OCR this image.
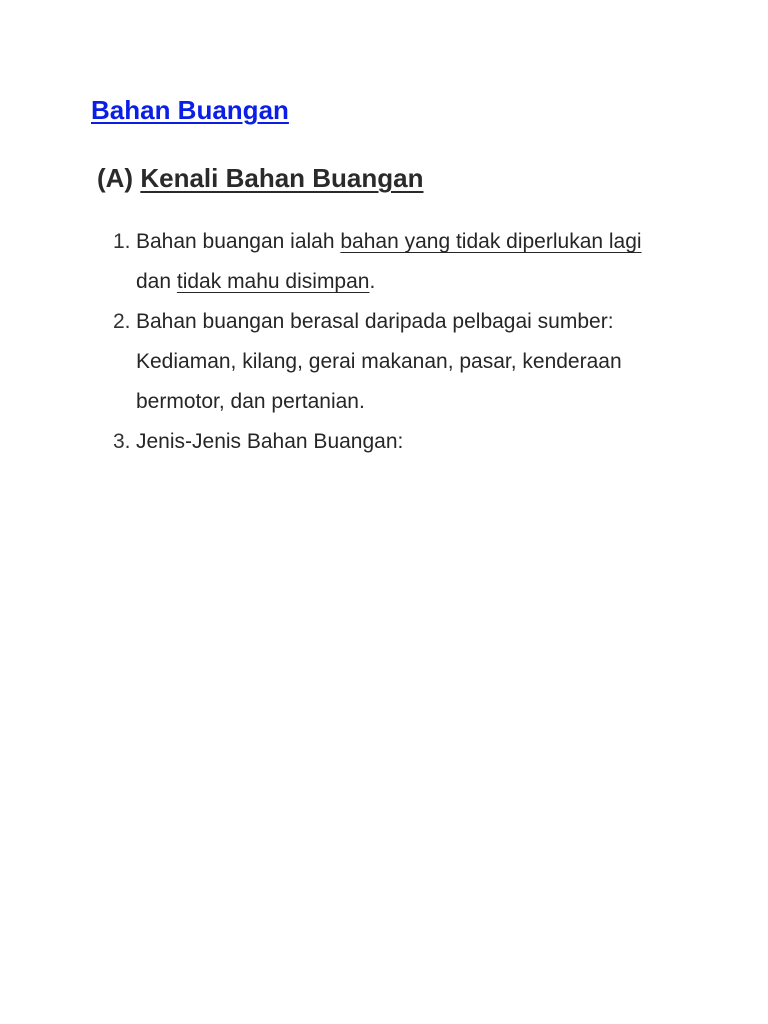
Bahan Buangan
(A) Kenali Bahan Buangan
1. Bahan buangan ialah bahan yang tidak diperlukan lagi dan tidak mahu disimpan.
2. Bahan buangan berasal daripada pelbagai sumber: Kediaman, kilang, gerai makanan, pasar, kenderaan bermotor, dan pertanian.
3. Jenis-Jenis Bahan Buangan:
